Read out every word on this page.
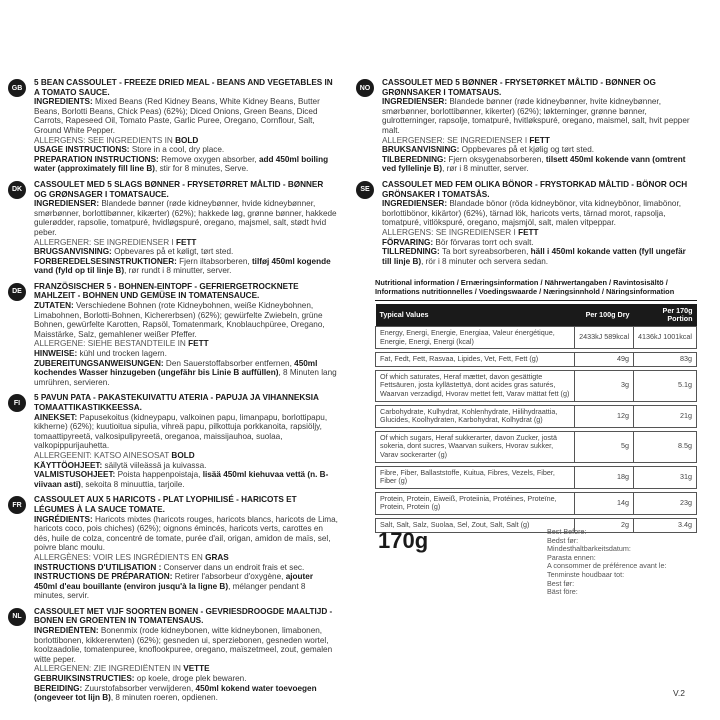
GB
5 BEAN CASSOULET - FREEZE DRIED MEAL - BEANS AND VEGETABLES IN A TOMATO SAUCE.
INGREDIENTS: Mixed Beans (Red Kidney Beans, White Kidney Beans, Butter Beans, Borlotti Beans, Chick Peas) (62%); Diced Onions, Green Beans, Diced Carrots, Rapeseed Oil, Tomato Paste, Garlic Puree, Oregano, Cornflour, Salt, Ground White Pepper.
ALLERGENS: SEE INGREDIENTS IN BOLD
USAGE INSTRUCTIONS: Store in a cool, dry place.
PREPARATION INSTRUCTIONS: Remove oxygen absorber, add 450ml boiling water (approximately fill line B), stir for 8 minutes, Serve.
DK
CASSOULET MED 5 SLAGS BØNNER - FRYSETØRRET MÅLTID - BØNNER OG GRØNSAGER I TOMATSAUCE.
INGREDIENSER: Blandede bønner (røde kidneybønner, hvide kidneybønner, smørbønner, borlottibønner, kikærter) (62%); hakkede løg, grønne bønner, hakkede gulerødder, rapsolie, tomatpuré, hvidløgspuré, oregano, majsmel, salt, stødt hvid peber.
ALLERGENER: SE INGREDIENSER I FETT
BRUGSANVISNING: Opbevares på et køligt, tørt sted.
FORBEREDELSESINSTRUKTIONER: Fjern iltabsorberen, tilføj 450ml kogende vand (fyld op til linje B), rør rundt i 8 minutter, server.
DE
FRANZÖSISCHER 5 - BOHNEN-EINTOPF - GEFRIERGETROCKNETE MAHLZEIT - BOHNEN UND GEMÜSE IN TOMATENSAUCE.
ZUTATEN: Verschiedene Bohnen (rote Kidneybohnen, weiße Kidneybohnen, Limabohnen, Borlotti-Bohnen, Kichererbsen) (62%); gewürfelte Zwiebeln, grüne Bohnen, gewürfelte Karotten, Rapsöl, Tomatenmark, Knoblauchpüree, Oregano, Maisstärke, Salz, gemahlener weißer Pfeffer.
ALLERGENE: SIEHE BESTANDTEILE IN FETT
HINWEISE: kühl und trocken lagern.
ZUBEREITUNGSANWEISUNGEN: Den Sauerstoffabsorber entfernen, 450ml kochendes Wasser hinzugeben (ungefähr bis Linie B auffüllen), 8 Minuten lang umrühren, servieren.
FI
5 PAVUN PATA - PAKASTEKUIVATTU ATERIA - PAPUJA JA VIHANNEKSIA TOMAATTIKASTIKKEESSA.
AINEKSET: Papusekoitus (kidneypapu, valkoinen papu, limanpapu, borlottipapu, kikherne) (62%); kuutioitua sipulia, vihreä papu, pilkottuja porkkanoita, rapsiöljy, tomaattipyreetä, valkosipulipyreetä, oreganoa, maissijauhoa, suolaa, valkopippurijauhetta.
ALLERGEENIT: KATSO AINESOSAT BOLD
KÄYTTÖOHJEET: säilytä viileässä ja kuivassa.
VALMISTUSOHJEET: Poista happenpoistaja, lisää 450ml kiehuvaa vettä (n. B-viivaan asti), sekoita 8 minuuttia, tarjoile.
FR
CASSOULET AUX 5 HARICOTS - PLAT LYOPHILISÉ - HARICOTS ET LÉGUMES À LA SAUCE TOMATE.
INGRÉDIENTS: Haricots mixtes (haricots rouges, haricots blancs, haricots de Lima, haricots coco, pois chiches) (62%); oignons émincés, haricots verts, carottes en dés, huile de colza, concentré de tomate, purée d'ail, origan, amidon de maïs, sel, poivre blanc moulu.
ALLERGÈNES: VOIR LES INGRÉDIENTS EN GRAS
INSTRUCTIONS D'UTILISATION : Conserver dans un endroit frais et sec.
INSTRUCTIONS DE PRÉPARATION: Retirer l'absorbeur d'oxygène, ajouter 450ml d'eau bouillante (environ jusqu'à la ligne B), mélanger pendant 8 minutes, servir.
NL
CASSOULET MET VIJF SOORTEN BONEN - GEVRIESDROOGDE MAALTIJD - BONEN EN GROENTEN IN TOMATENSAUS.
INGREDIËNTEN: Bonenmix (rode kidneybonen, witte kidneybonen, limabonen, borlottibonen, kikkererwten) (62%); gesneden ui, sperziebonen, gesneden wortel, koolzaadolie, tomatenpuree, knoflookpuree, oregano, maïszetmeel, zout, gemalen witte peper.
ALLERGENEN: ZIE INGREDIËNTEN IN VETTE
GEBRUIKSINSTRUCTIES: op koele, droge plek bewaren.
BEREIDING: Zuurstofabsorber verwijderen, 450ml kokend water toevoegen (ongeveer tot lijn B), 8 minuten roeren, opdienen.
NO
CASSOULET MED 5 BØNNER - FRYSETØRKET MÅLTID - BØNNER OG GRØNNSAKER I TOMATSAUS.
INGREDIENSER: Blandede bønner (røde kidneybønner, hvite kidneybønner, smørbønner, borlottibønner, kikerter) (62%); løkterninger, grønne bønner, gulrotterninger, rapsolje, tomatpuré, hvitløkspuré, oregano, maismel, salt, hvit pepper malt.
ALLERGENSER: SE INGREDIENSER I FETT
BRUKSANVISNING: Oppbevares på et kjølig og tørt sted.
TILBEREDNING: Fjern oksygenabsorberen, tilsett 450ml kokende vann (omtrent ved fyllelinje B), rør i 8 minutter, server.
SE
CASSOULET MED FEM OLIKA BÖNOR - FRYSTORKAD MÅLTID - BÖNOR OCH GRÖNSAKER I TOMATSÅS.
INGREDIENSER: Blandade bönor (röda kidneybönor, vita kidneybönor, limabönor, borlottibönor, kikärtor) (62%), tärnad lök, haricots verts, tärnad morot, rapsolja, tomatpuré, vitlökspuré, oregano, majsmjöl, salt, malen vitpeppar.
ALLERGENS: SE INGREDIENSER I FETT
FÖRVARING: Bör förvaras torrt och svalt.
TILLREDNING: Ta bort syreabsorberen, häll i 450ml kokande vatten (fyll ungefär till linje B), rör i 8 minuter och servera sedan.
Nutritional information / Ernæringsinformation / Nährwertangaben / Ravintosisältö / Informations nutritionnelles / Voedingswaarde / Næringsinnhold / Näringsinformation
Typical Values	Per 100g Dry	Per 170g Portion
Energy, Energi, Energie, Energiaa, Valeur énergétique, Energie, Energi, Energi (kcal)	2433kJ 589kcal	4136kJ 1001kcal

Fat, Fedt, Fett, Rasvaa, Lipides, Vet, Fett, Fett (g)	49g	83g

Of which saturates, Heraf mættet, davon gesättigte Fettsäuren, josta kyllästettyä, dont acides gras saturés, Waarvan verzadigd, Hvorav mettet fett, Varav mättat fett (g)	3g	5.1g

Carbohydrate, Kulhydrat, Kohlenhydrate, Hiilihydraattia, Glucides, Koolhydraten, Karbohydrat, Kolhydrat (g)	12g	21g

Of which sugars, Heraf sukkerarter, davon Zucker, jostä sokeria, dont sucres, Waarvan suikers, Hvorav sukker, Varav sockerarter (g)	5g	8.5g

Fibre, Fiber, Ballaststoffe, Kuitua, Fibres, Vezels, Fiber, Fiber (g)	18g	31g

Protein, Protein, Eiweiß, Proteiinia, Protéines, Proteïne, Protein, Protein (g)	14g	23g

Salt, Salt, Salz, Suolaa, Sel, Zout, Salt, Salt (g)	2g	3.4g
170g	Best Before:
Bedst før:
Mindesthaltbarkeitsdatum:
Parasta ennen:
A consommer de préférence avant le:
Tenminste houdbaar tot:
Best før:
Bäst före:
V.2
